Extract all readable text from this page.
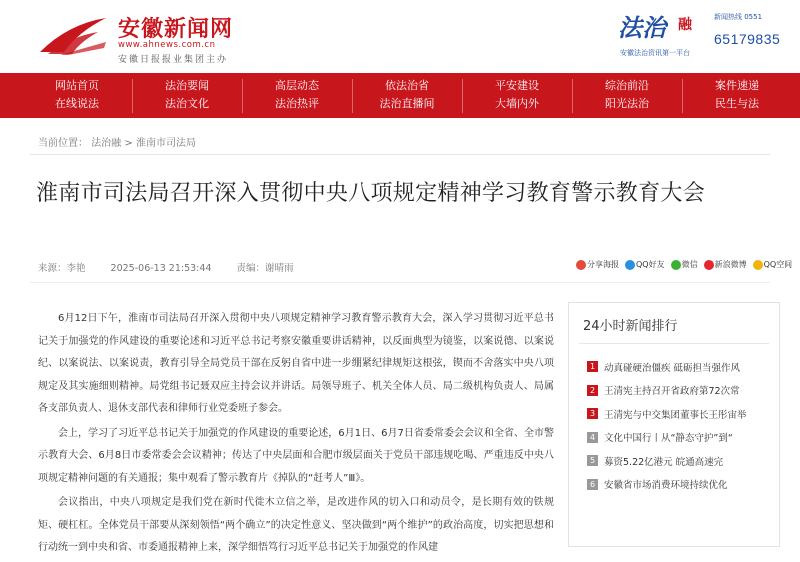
安徽新闻网
www.ahnews.com.cn
安徽日报报业集团主办
法治 融
安徽法治资讯第一平台
新闻热线 0551
65179835
网站首页	法治要闻	高层动态	依法治省	平安建设	综治前沿	案件速递
在线说法	法治文化	法治热评	法治直播间	大墙内外	阳光法治	民生与法
当前位置： 法治融 > 淮南市司法局
淮南市司法局召开深入贯彻中央八项规定精神学习教育警示教育大会
来源：李艳	2025-06-13 21:53:44	责编：谢晴雨	分享海报 QQ好友 微信 新浪微博 QQ空间

6月12日下午，淮南市司法局召开深入贯彻中央八项规定精神学习教育警示教育大会，深入学习贯彻习近平总书记关于加强党的作风建设的重要论述和习近平总书记考察安徽重要讲话精神，以反面典型为镜鉴，以案说德、以案说纪、以案说法、以案说责，教育引导全局党员干部在反躬自省中进一步绷紧纪律规矩这根弦，锲而不舍落实中央八项规定及其实施细则精神。局党组书记聂双应主持会议并讲话。局领导班子、机关全体人员、局二级机构负责人、局属各支部负责人、退休支部代表和律师行业党委班子参会。

会上，学习了习近平总书记关于加强党的作风建设的重要论述，6月1日、6月7日省委常委会会议和全省、全市警示教育大会、6月8日市委常委会会议精神；传达了中央层面和合肥市级层面关于党员干部违规吃喝、严重违反中央八项规定精神问题的有关通报；集中观看了警示教育片《掉队的“赶考人”Ⅲ》。

会议指出，中央八项规定是我们党在新时代徙木立信之举，是改进作风的切入口和动员令，是长期有效的铁规矩、硬杠杠。全体党员干部要从深刻领悟“两个确立”的决定性意义、坚决做到“两个维护”的政治高度，切实把思想和行动统一到中央和省、市委通报精神上来，深学细悟笃行习近平总书记关于加强党的作风建

24小时新闻排行
1 动真碰硬治僵疾 砥砺担当强作风
2 王清宪主持召开省政府第72次常
3 王清宪与中交集团董事长王彤宙举
4 文化中国行丨从“静态守护”到“
5 募资5.22亿港元 皖通高速完
6 安徽省市场消费环境持续优化
